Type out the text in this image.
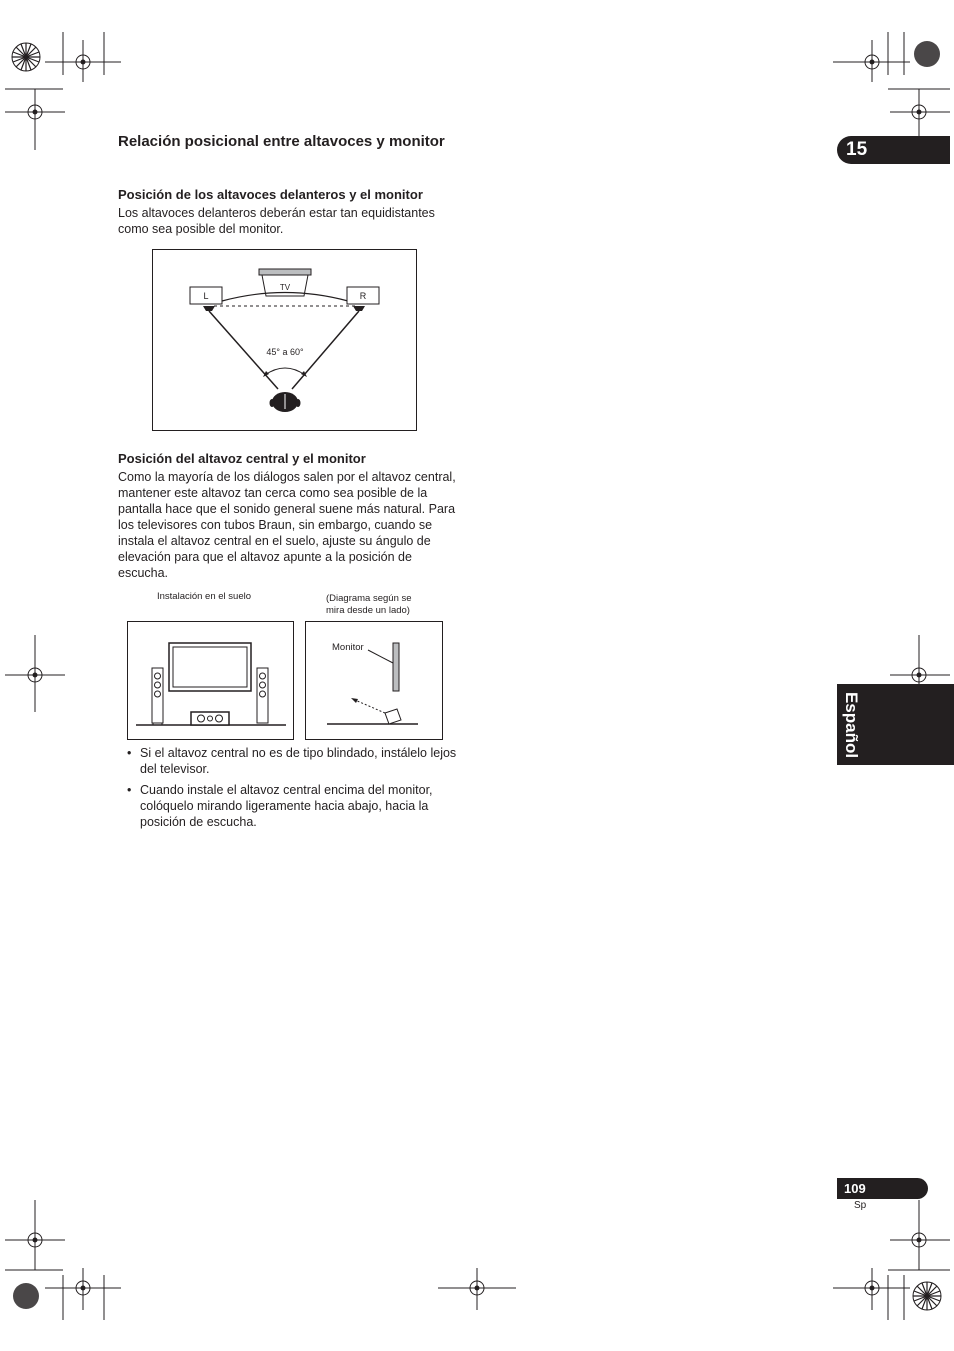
15
Relación posicional entre altavoces y monitor
Posición de los altavoces delanteros y el monitor

Los altavoces delanteros deberán estar tan equidistantes como sea posible del monitor.

L	R
TV
45° a 60°
Posición del altavoz central y el monitor

Como la mayoría de los diálogos salen por el altavoz central, mantener este altavoz tan cerca como sea posible de la pantalla hace que el sonido general suene más natural. Para los televisores con tubos Braun, sin embargo, cuando se instala el altavoz central en el suelo, ajuste su ángulo de elevación para que el altavoz apunte a la posición de escucha.

Instalación en el suelo	(Diagrama según se
mira desde un lado)
Monitor
• Si el altavoz central no es de tipo blindado, instálelo lejos del televisor.
• Cuando instale el altavoz central encima del monitor, colóquelo mirando ligeramente hacia abajo, hacia la posición de escucha.
Español
109
Sp
